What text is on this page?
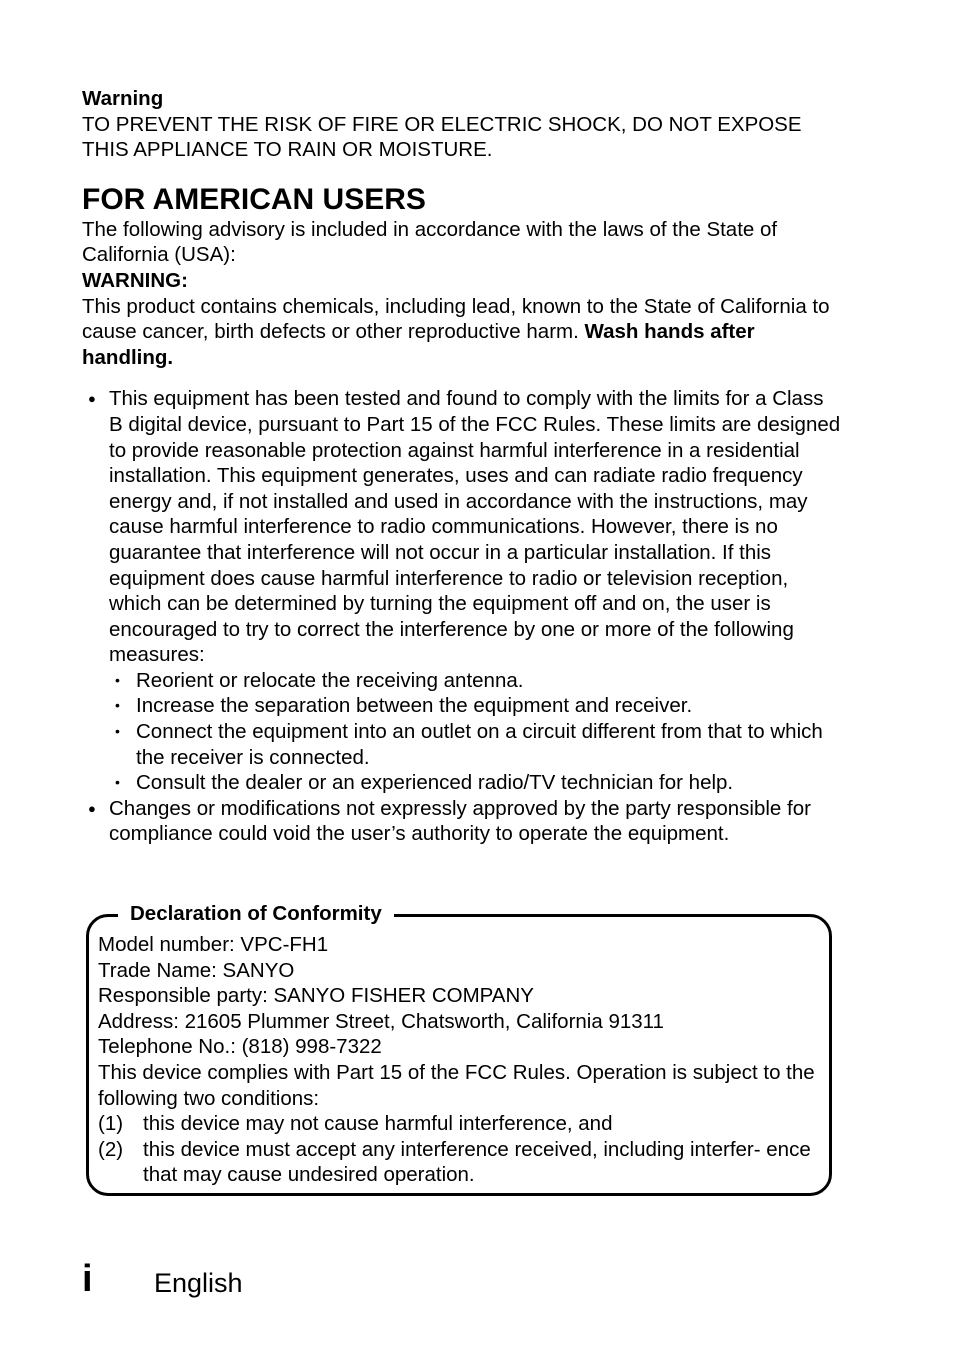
Warning
TO PREVENT THE RISK OF FIRE OR ELECTRIC SHOCK, DO NOT EXPOSE THIS APPLIANCE TO RAIN OR MOISTURE.
FOR AMERICAN USERS
The following advisory is included in accordance with the laws of the State of California (USA):
WARNING:
This product contains chemicals, including lead, known to the State of California to cause cancer, birth defects or other reproductive harm. Wash hands after handling.
● This equipment has been tested and found to comply with the limits for a Class B digital device, pursuant to Part 15 of the FCC Rules. These limits are designed to provide reasonable protection against harmful interference in a residential installation. This equipment generates, uses and can radiate radio frequency energy and, if not installed and used in accordance with the instructions, may cause harmful interference to radio communications. However, there is no guarantee that interference will not occur in a particular installation. If this equipment does cause harmful interference to radio or television reception, which can be determined by turning the equipment off and on, the user is encouraged to try to correct the interference by one or more of the following measures:
• Reorient or relocate the receiving antenna.
• Increase the separation between the equipment and receiver.
• Connect the equipment into an outlet on a circuit different from that to which the receiver is connected.
• Consult the dealer or an experienced radio/TV technician for help.
● Changes or modifications not expressly approved by the party responsible for compliance could void the user’s authority to operate the equipment.
Declaration of Conformity
Model number: VPC-FH1
Trade Name: SANYO
Responsible party: SANYO FISHER COMPANY
Address: 21605 Plummer Street, Chatsworth, California 91311
Telephone No.: (818) 998-7322
This device complies with Part 15 of the FCC Rules. Operation is subject to the following two conditions:
(1) this device may not cause harmful interference, and
(2) this device must accept any interference received, including interfer- ence that may cause undesired operation.
i English
